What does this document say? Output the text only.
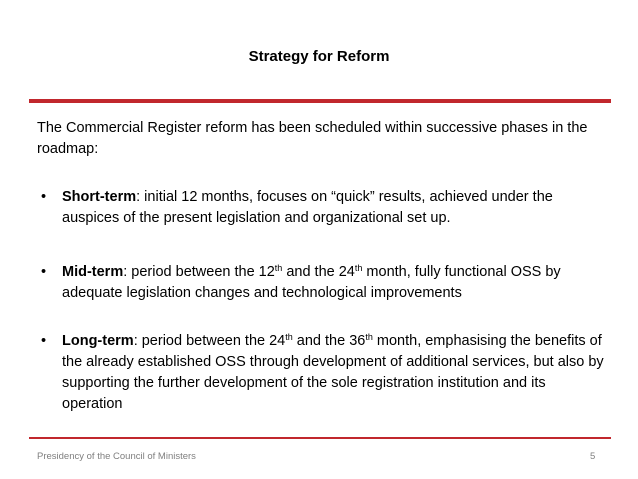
Strategy for Reform
The Commercial Register reform has been scheduled within successive phases in the roadmap:
• Short-term: initial 12 months, focuses on “quick” results, achieved under the auspices of the present legislation and organizational set up.
• Mid-term: period between the 12th and the 24th month, fully functional OSS by adequate legislation changes and technological improvements
• Long-term: period between the 24th and the 36th month, emphasising the benefits of the already established OSS through development of additional services, but also by supporting the further development of the sole registration institution and its operation
Presidency of the Council of Ministers	5
